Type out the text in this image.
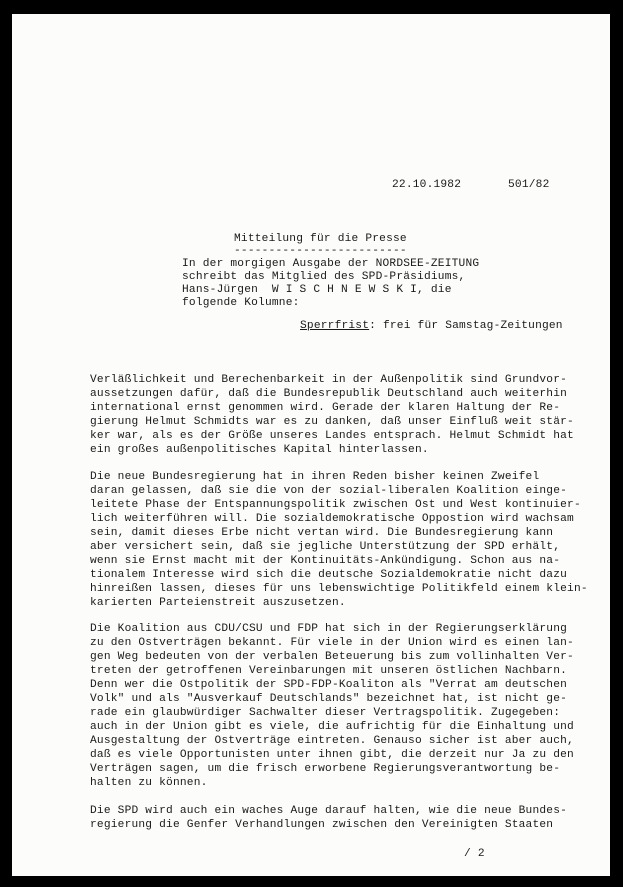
22.10.1982	501/82
Mitteilung für die Presse
-------------------------
In der morgigen Ausgabe der NORDSEE-ZEITUNG
schreibt das Mitglied des SPD-Präsidiums,
Hans-Jürgen  W I S C H N E W S K I, die
folgende Kolumne:
Sperrfrist: frei für Samstag-Zeitungen
Verläßlichkeit und Berechenbarkeit in der Außenpolitik sind Grundvor-
aussetzungen dafür, daß die Bundesrepublik Deutschland auch weiterhin
international ernst genommen wird. Gerade der klaren Haltung der Re-
gierung Helmut Schmidts war es zu danken, daß unser Einfluß weit stär-
ker war, als es der Größe unseres Landes entsprach. Helmut Schmidt hat
ein großes außenpolitisches Kapital hinterlassen.
Die neue Bundesregierung hat in ihren Reden bisher keinen Zweifel
daran gelassen, daß sie die von der sozial-liberalen Koalition einge-
leitete Phase der Entspannungspolitik zwischen Ost und West kontinuier-
lich weiterführen will. Die sozialdemokratische Oppostion wird wachsam
sein, damit dieses Erbe nicht vertan wird. Die Bundesregierung kann
aber versichert sein, daß sie jegliche Unterstützung der SPD erhält,
wenn sie Ernst macht mit der Kontinuitäts-Ankündigung. Schon aus na-
tionalem Interesse wird sich die deutsche Sozialdemokratie nicht dazu
hinreißen lassen, dieses für uns lebenswichtige Politikfeld einem klein-
karierten Parteienstreit auszusetzen.
Die Koalition aus CDU/CSU und FDP hat sich in der Regierungserklärung
zu den Ostverträgen bekannt. Für viele in der Union wird es einen lan-
gen Weg bedeuten von der verbalen Beteuerung bis zum vollinhalten Ver-
treten der getroffenen Vereinbarungen mit unseren östlichen Nachbarn.
Denn wer die Ostpolitik der SPD-FDP-Koaliton als "Verrat am deutschen
Volk" und als "Ausverkauf Deutschlands" bezeichnet hat, ist nicht ge-
rade ein glaubwürdiger Sachwalter dieser Vertragspolitik. Zugegeben:
auch in der Union gibt es viele, die aufrichtig für die Einhaltung und
Ausgestaltung der Ostverträge eintreten. Genauso sicher ist aber auch,
daß es viele Opportunisten unter ihnen gibt, die derzeit nur Ja zu den
Verträgen sagen, um die frisch erworbene Regierungsverantwortung be-
halten zu können.
Die SPD wird auch ein waches Auge darauf halten, wie die neue Bundes-
regierung die Genfer Verhandlungen zwischen den Vereinigten Staaten
/ 2
